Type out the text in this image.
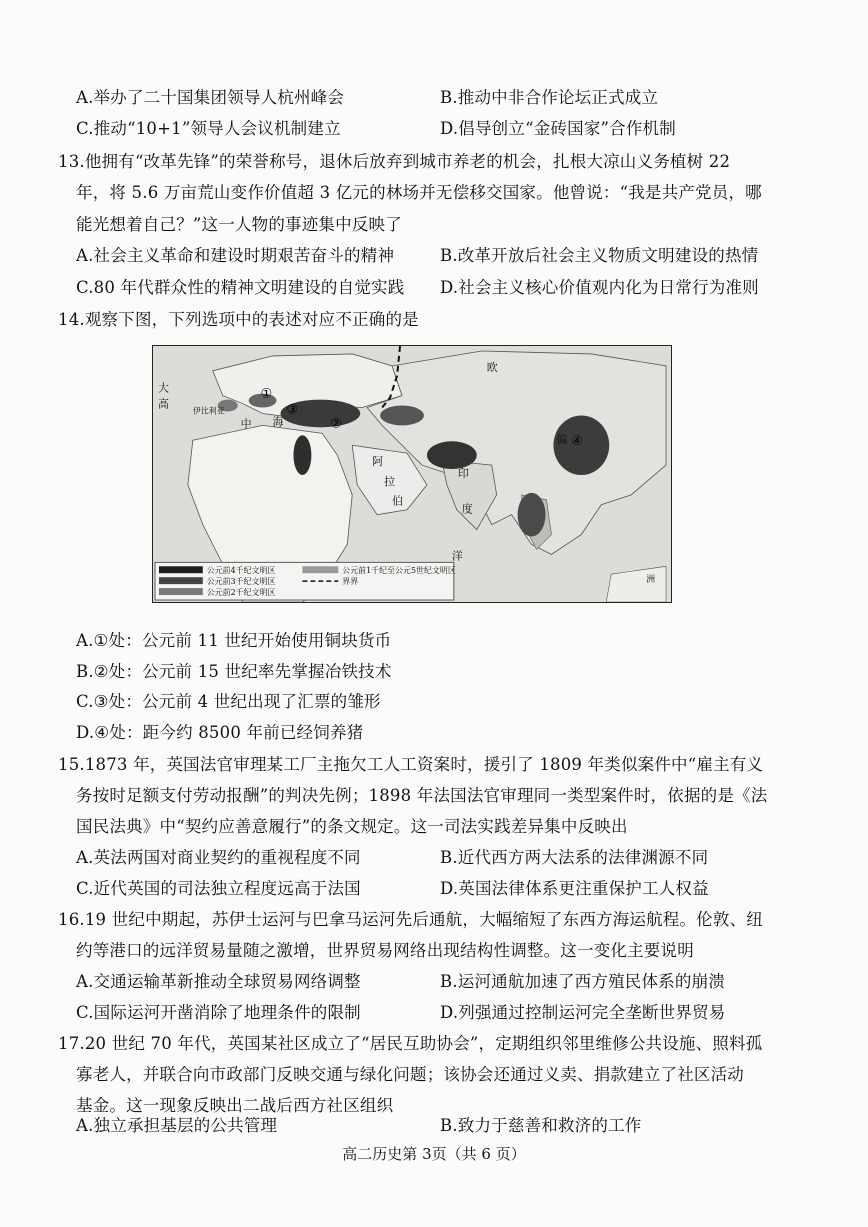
A.举办了二十国集团领导人杭州峰会	B.推动中非合作论坛正式成立
C.推动“10+1”领导人会议机制建立	D.倡导创立“金砖国家”合作机制
13.他拥有“改革先锋”的荣誉称号，退休后放弃到城市养老的机会，扎根大凉山义务植树 22
年，将 5.6 万亩荒山变作价值超 3 亿元的林场并无偿移交国家。他曾说：“我是共产党员，哪
能光想着自己？”这一人物的事迹集中反映了
A.社会主义革命和建设时期艰苦奋斗的精神	B.改革开放后社会主义物质文明建设的热情
C.80 年代群众性的精神文明建设的自觉实践 D.社会主义核心价值观内化为日常行为准则
14.观察下图，下列选项中的表述对应不正确的是
大
高
伊比利亚
中 海
阿
拉
伯
印
度
洋
偏
洲
欧
①
③
②
④
公元前4千纪文明区
公元前3千纪文明区
公元前2千纪文明区
公元前1千纪至公元5世纪文明区
界界
A.①处：公元前 11 世纪开始使用铜块货币
B.②处：公元前 15 世纪率先掌握冶铁技术
C.③处：公元前 4 世纪出现了汇票的雏形
D.④处：距今约 8500 年前已经饲养猪
15.1873 年，英国法官审理某工厂主拖欠工人工资案时，援引了 1809 年类似案件中“雇主有义
务按时足额支付劳动报酬”的判决先例；1898 年法国法官审理同一类型案件时，依据的是《法
国民法典》中“契约应善意履行”的条文规定。这一司法实践差异集中反映出
A.英法两国对商业契约的重视程度不同	B.近代西方两大法系的法律渊源不同
C.近代英国的司法独立程度远高于法国	D.英国法律体系更注重保护工人权益
16.19 世纪中期起，苏伊士运河与巴拿马运河先后通航，大幅缩短了东西方海运航程。伦敦、纽
约等港口的远洋贸易量随之激增，世界贸易网络出现结构性调整。这一变化主要说明
A.交通运输革新推动全球贸易网络调整	B.运河通航加速了西方殖民体系的崩溃
C.国际运河开凿消除了地理条件的限制	D.列强通过控制运河完全垄断世界贸易
17.20 世纪 70 年代，英国某社区成立了“居民互助协会”，定期组织邻里维修公共设施、照料孤
寡老人，并联合向市政部门反映交通与绿化问题；该协会还通过义卖、捐款建立了社区活动
基金。这一现象反映出二战后西方社区组织
A.独立承担基层的公共管理	B.致力于慈善和救济的工作
高二历史第 3页（共 6 页）
